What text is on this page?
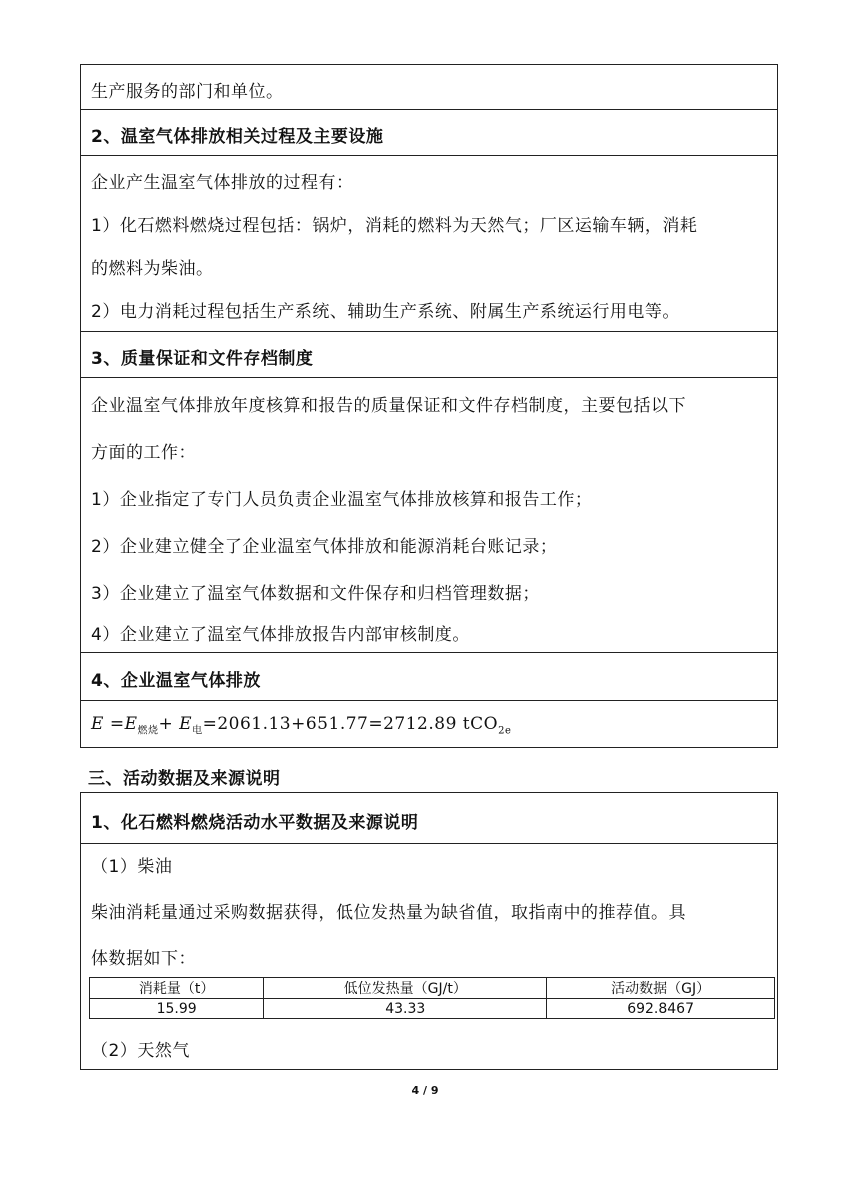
生产服务的部门和单位。
2、温室气体排放相关过程及主要设施
企业产生温室气体排放的过程有：
1）化石燃料燃烧过程包括：锅炉，消耗的燃料为天然气；厂区运输车辆，消耗
的燃料为柴油。
2）电力消耗过程包括生产系统、辅助生产系统、附属生产系统运行用电等。
3、质量保证和文件存档制度
企业温室气体排放年度核算和报告的质量保证和文件存档制度，主要包括以下
方面的工作：
1）企业指定了专门人员负责企业温室气体排放核算和报告工作；
2）企业建立健全了企业温室气体排放和能源消耗台账记录；
3）企业建立了温室气体数据和文件保存和归档管理数据；
4）企业建立了温室气体排放报告内部审核制度。
4、企业温室气体排放
$E =E_{燃烧}+ E_电=2061.13+651.77=2712.89$ tCO$_{2e}$
三、活动数据及来源说明
1、化石燃料燃烧活动水平数据及来源说明
（1）柴油
柴油消耗量通过采购数据获得，低位发热量为缺省值，取指南中的推荐值。具
体数据如下：
消耗量（t）	低位发热量（GJ/t）	活动数据（GJ）
15.99	43.33	692.8467
（2）天然气
4 / 9
